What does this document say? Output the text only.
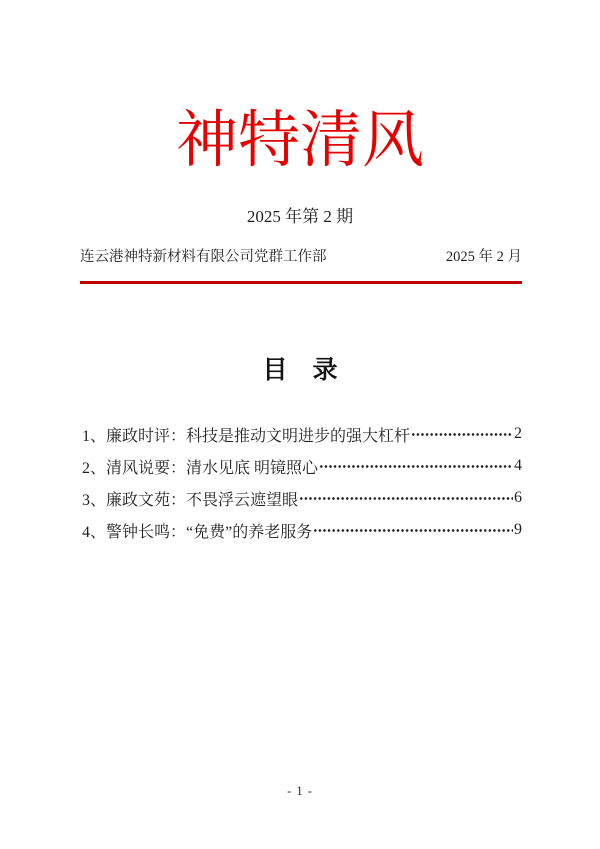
神特清风
2025 年第 2 期
连云港神特新材料有限公司党群工作部	2025 年 2 月
目　录
1、廉政时评：科技是推动文明进步的强大杠杆	2
2、清风说要：清水见底 明镜照心	4
3、廉政文苑：不畏浮云遮望眼	6
4、警钟长鸣：“免费”的养老服务	9
- 1 -
